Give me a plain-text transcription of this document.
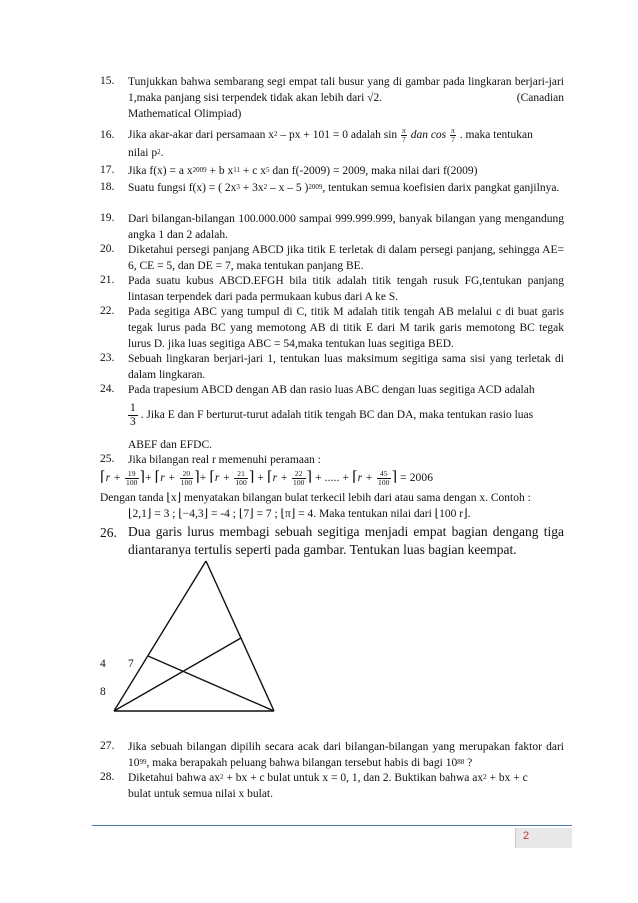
15. Tunjukkan bahwa sembarang segi empat tali busur yang di gambar pada lingkaran berjari-jari 1,maka panjang sisi terpendek tidak akan lebih dari √2.	(Canadian

Mathematical Olimpiad)
16. Jika akar-akar dari persamaan $x^2$ – px + 101 = 0 adalah $\sin \frac{\pi}{7}$ dan $\cos \frac{\pi}{7}$ . maka tentukan
nilai $p^2$.
17. Jika f(x) = a $x^{2009} + b$ $x^{11} + c$ $x^5$ dan f(-2009) = 2009, maka nilai dari f(2009)
18. Suatu fungsi f(x) = ( $2x^3 + 3x^2 - x - 5$ )$^{2009}$, tentukan semua koefisien darix pangkat ganjilnya.
19. Dari bilangan-bilangan 100.000.000 sampai 999.999.999, banyak bilangan yang mengandung angka 1 dan 2 adalah.
20. Diketahui persegi panjang ABCD jika titik E terletak di dalam persegi panjang, sehingga AE= 6, CE = 5, dan DE = 7, maka tentukan panjang BE.
21. Pada suatu kubus ABCD.EFGH bila titik adalah titik tengah rusuk FG,tentukan panjang lintasan terpendek dari pada permukaan kubus dari A ke S.
22. Pada segitiga ABC yang tumpul di C, titik M adalah titik tengah AB melalui c di buat garis tegak lurus pada BC yang memotong AB di titik E dari M tarik garis memotong BC tegak lurus D. jika luas segitiga ABC = 54,maka tentukan luas segitiga BED.
23. Sebuah lingkaran berjari-jari 1, tentukan luas maksimum segitiga sama sisi yang terletak di dalam lingkaran.
24. Pada trapesium ABCD dengan AB dan rasio luas ABC dengan luas segitiga ACD adalah
$\frac{1}{3}$ . Jika E dan F berturut-turut adalah titik tengah BC dan DA, maka tentukan rasio luas
ABEF dan EFDC.
25. Jika bilangan real r memenuhi peramaan :
⌈r + $\frac{19}{100}$ ⌉+ ⌈r + $\frac{20}{100}$ ⌉+ ⌈r + $\frac{21}{100}$ ⌉ + ⌈r + $\frac{22}{100}$ ⌉ + ..... + ⌈r + $\frac{45}{100}$ ⌉ = 2006
Dengan tanda ⌊x⌋ menyatakan bilangan bulat terkecil lebih dari atau sama dengan x. Contoh :
⌊2,1⌋ = 3 ; ⌊−4,3⌋ = -4 ; ⌊7⌋ = 7 ; ⌊π⌋ = 4. Maka tentukan nilai dari ⌊100 r⌋.
26. Dua garis lurus membagi sebuah segitiga menjadi empat bagian dengang tiga diantaranya tertulis seperti pada gambar. Tentukan luas bagian keempat.
4 7
8
27. Jika sebuah bilangan dipilih secara acak dari bilangan-bilangan yang merupakan faktor dari $10^{99}$, maka berapakah peluang bahwa bilangan tersebut habis di bagi $10^{88}$ ?
28. Diketahui bahwa $ax^2$ + bx + c bulat untuk x = 0, 1, dan 2. Buktikan bahwa $ax^2$ + bx + c
bulat untuk semua nilai x bulat.
2
